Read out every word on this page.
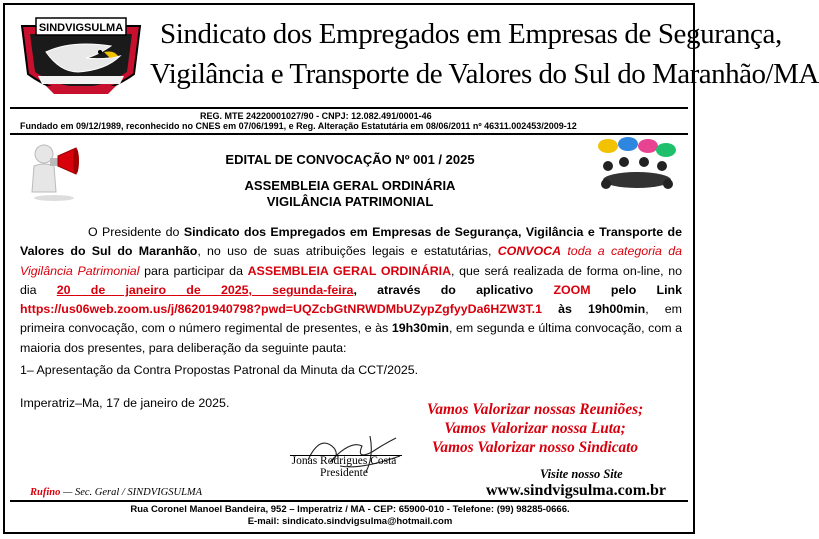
SINDVIGSULMA Sindicato dos Empregados em Empresas de Segurança,
Vigilância e Transporte de Valores do Sul do Maranhão/MA
REG. MTE 24220001027/90 - CNPJ: 12.082.491/0001-46
Fundado em 09/12/1989, reconhecido no CNES em 07/06/1991, e Reg. Alteração Estatutária em 08/06/2011 nº 46311.002453/2009-12
EDITAL DE CONVOCAÇÃO Nº 001 / 2025
ASSEMBLEIA GERAL ORDINÁRIA
VIGILÂNCIA PATRIMONIAL

O Presidente do Sindicato dos Empregados em Empresas de Segurança, Vigilância e Transporte de Valores do Sul do Maranhão, no uso de suas atribuições legais e estatutárias, CONVOCA toda a categoria da Vigilância Patrimonial para participar da ASSEMBLEIA GERAL ORDINÁRIA, que será realizada de forma on-line, no dia 20 de janeiro de 2025, segunda-feira, através do aplicativo ZOOM pelo Link https://us06web.zoom.us/j/86201940798?pwd=UQZcbGtNRWDMbUZypZgfyyDa6HZW3T.1 às 19h00min, em primeira convocação, com o número regimental de presentes, e às 19h30min, em segunda e última convocação, com a maioria dos presentes, para deliberação da seguinte pauta:

1– Apresentação da Contra Propostas Patronal da Minuta da CCT/2025.
Imperatriz–Ma, 17 de janeiro de 2025.	Vamos Valorizar nossas Reuniões;
Vamos Valorizar nossa Luta;
Vamos Valorizar nosso Sindicato
Jonas Rodrigues Costa
Presidente
Rufino — Sec. Geral / SINDVIGSULMA
Visite nosso Site
www.sindvigsulma.com.br
Rua Coronel Manoel Bandeira, 952 – Imperatriz / MA - CEP: 65900-010 - Telefone: (99) 98285-0666.
E-mail: sindicato.sindvigsulma@hotmail.com
